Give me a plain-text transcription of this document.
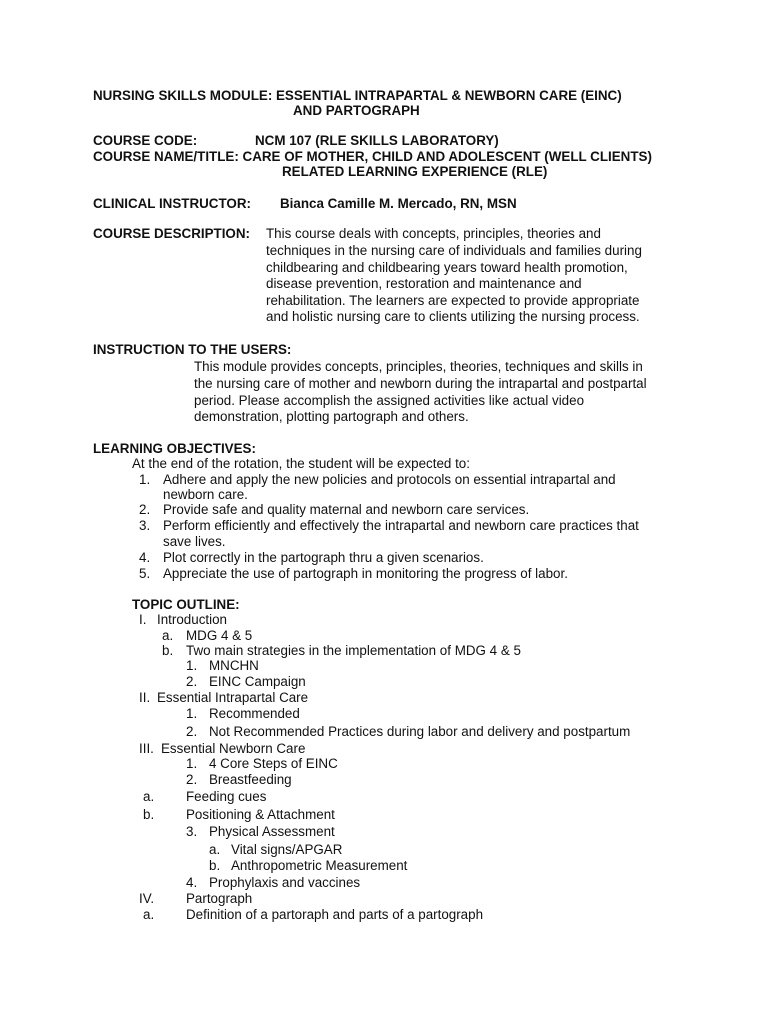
NURSING SKILLS MODULE: ESSENTIAL INTRAPARTAL & NEWBORN CARE (EINC)
AND PARTOGRAPH
COURSE CODE:	NCM 107 (RLE SKILLS LABORATORY)
COURSE NAME/TITLE: CARE OF MOTHER, CHILD AND ADOLESCENT (WELL CLIENTS)
RELATED LEARNING EXPERIENCE (RLE)
CLINICAL INSTRUCTOR: Bianca Camille M. Mercado, RN, MSN
COURSE DESCRIPTION: This course deals with concepts, principles, theories and
techniques in the nursing care of individuals and families during
childbearing and childbearing years toward health promotion,
disease prevention, restoration and maintenance and
rehabilitation. The learners are expected to provide appropriate
and holistic nursing care to clients utilizing the nursing process.
INSTRUCTION TO THE USERS:
This module provides concepts, principles, theories, techniques and skills in
the nursing care of mother and newborn during the intrapartal and postpartal
period. Please accomplish the assigned activities like actual video
demonstration, plotting partograph and others.
LEARNING OBJECTIVES:
At the end of the rotation, the student will be expected to:
1. Adhere and apply the new policies and protocols on essential intrapartal and
newborn care.
2. Provide safe and quality maternal and newborn care services.
3. Perform efficiently and effectively the intrapartal and newborn care practices that
save lives.
4. Plot correctly in the partograph thru a given scenarios.
5. Appreciate the use of partograph in monitoring the progress of labor.
TOPIC OUTLINE:
I. Introduction
a. MDG 4 & 5
b. Two main strategies in the implementation of MDG 4 & 5
1. MNCHN
2. EINC Campaign
II. Essential Intrapartal Care
1. Recommended
2. Not Recommended Practices during labor and delivery and postpartum
III. Essential Newborn Care
1. 4 Core Steps of EINC
2. Breastfeeding
a. Feeding cues
b. Positioning & Attachment
3. Physical Assessment
a. Vital signs/APGAR
b. Anthropometric Measurement
4. Prophylaxis and vaccines
IV. Partograph
a. Definition of a partoraph and parts of a partograph
